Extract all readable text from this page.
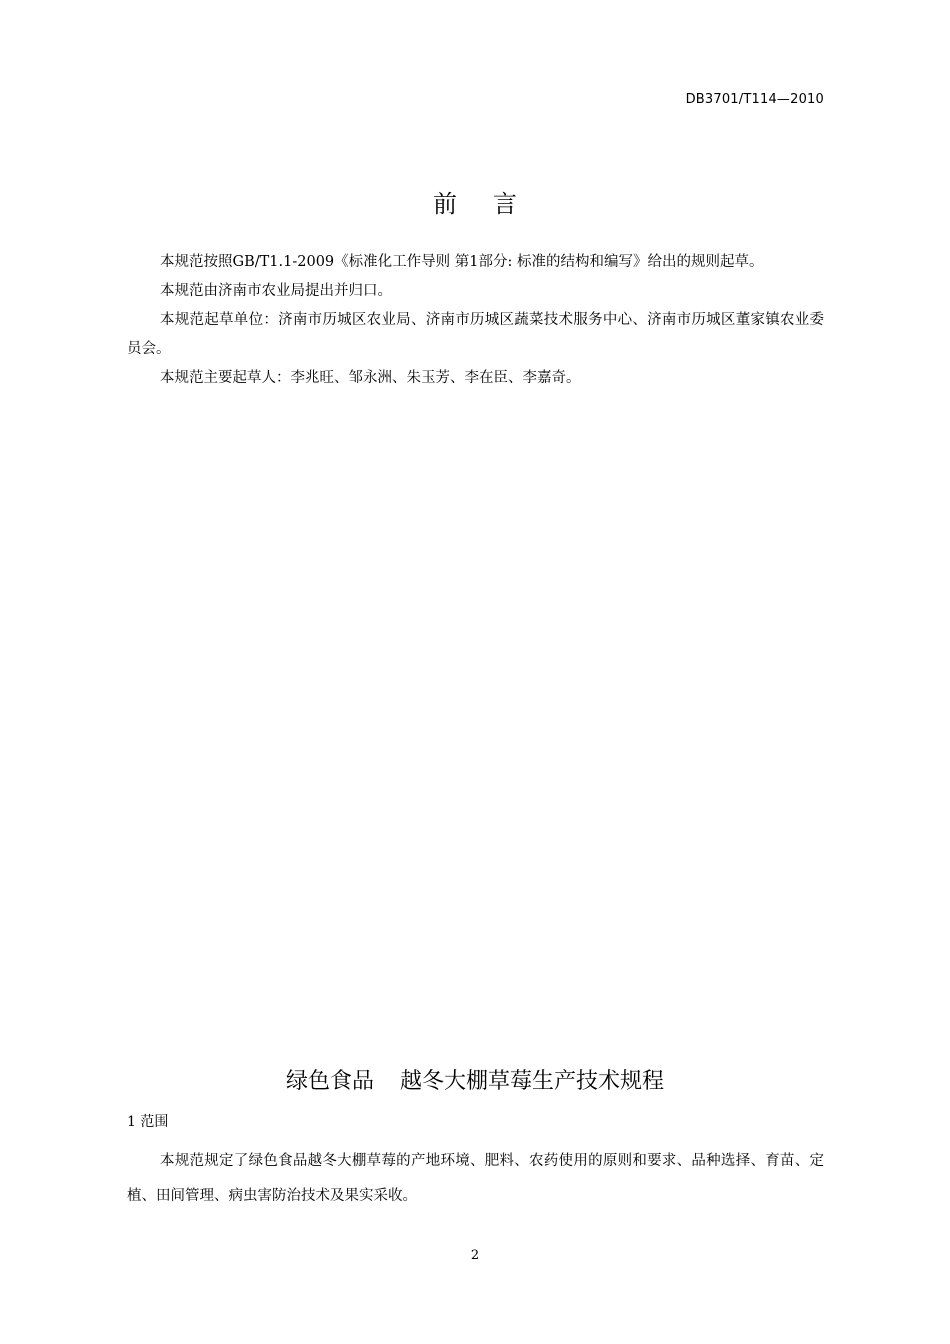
DB3701/T114—2010
前 言

本规范按照GB/T1.1-2009《标准化工作导则 第1部分: 标准的结构和编写》给出的规则起草。

本规范由济南市农业局提出并归口。

本规范起草单位：济南市历城区农业局、济南市历城区蔬菜技术服务中心、济南市历城区董家镇农业委员会。

本规范主要起草人：李兆旺、邹永洲、朱玉芳、李在臣、李嘉奇。

绿色食品 越冬大棚草莓生产技术规程
1 范围

本规范规定了绿色食品越冬大棚草莓的产地环境、肥料、农药使用的原则和要求、品种选择、育苗、定植、田间管理、病虫害防治技术及果实采收。

2
